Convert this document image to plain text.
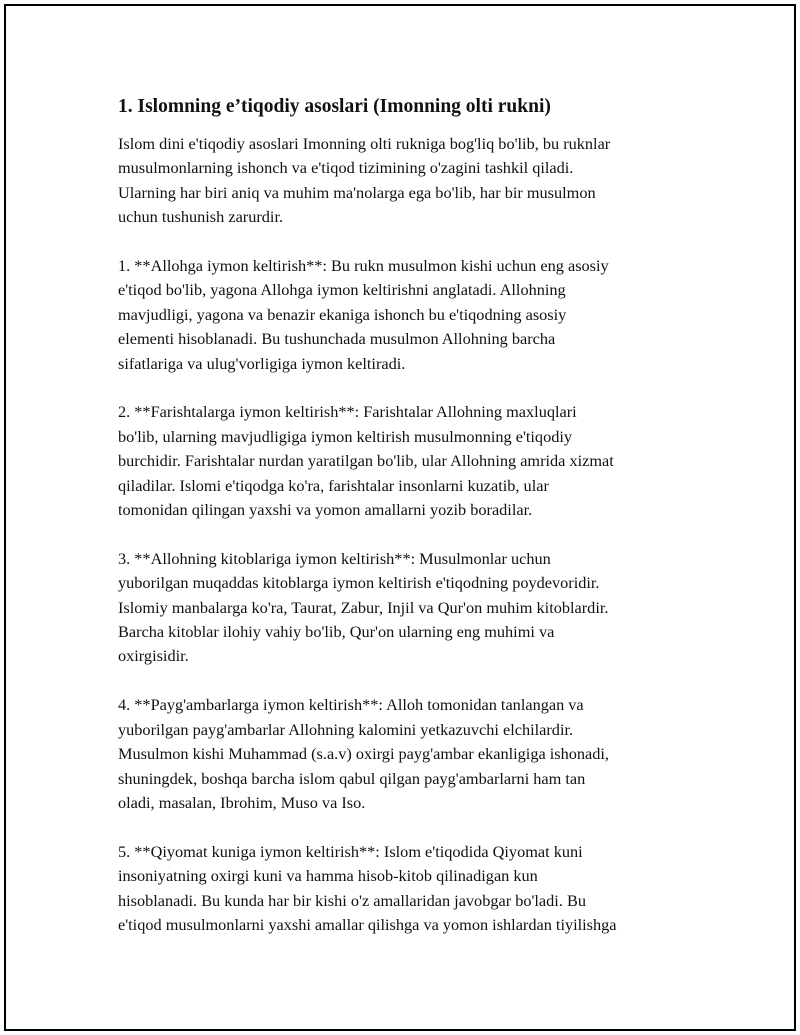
1. Islomning e’tiqodiy asoslari (Imonning olti rukni)

Islom dini e'tiqodiy asoslari Imonning olti rukniga bog'liq bo'lib, bu ruknlar
musulmonlarning ishonch va e'tiqod tizimining o'zagini tashkil qiladi.
Ularning har biri aniq va muhim ma'nolarga ega bo'lib, har bir musulmon
uchun tushunish zarurdir.

1. **Allohga iymon keltirish**: Bu rukn musulmon kishi uchun eng asosiy
e'tiqod bo'lib, yagona Allohga iymon keltirishni anglatadi. Allohning
mavjudligi, yagona va benazir ekaniga ishonch bu e'tiqodning asosiy
elementi hisoblanadi. Bu tushunchada musulmon Allohning barcha
sifatlariga va ulug'vorligiga iymon keltiradi.

2. **Farishtalarga iymon keltirish**: Farishtalar Allohning maxluqlari
bo'lib, ularning mavjudligiga iymon keltirish musulmonning e'tiqodiy
burchidir. Farishtalar nurdan yaratilgan bo'lib, ular Allohning amrida xizmat
qiladilar. Islomi e'tiqodga ko'ra, farishtalar insonlarni kuzatib, ular
tomonidan qilingan yaxshi va yomon amallarni yozib boradilar.

3. **Allohning kitoblariga iymon keltirish**: Musulmonlar uchun
yuborilgan muqaddas kitoblarga iymon keltirish e'tiqodning poydevoridir.
Islomiy manbalarga ko'ra, Taurat, Zabur, Injil va Qur'on muhim kitoblardir.
Barcha kitoblar ilohiy vahiy bo'lib, Qur'on ularning eng muhimi va
oxirgisidir.

4. **Payg'ambarlarga iymon keltirish**: Alloh tomonidan tanlangan va
yuborilgan payg'ambarlar Allohning kalomini yetkazuvchi elchilardir.
Musulmon kishi Muhammad (s.a.v) oxirgi payg'ambar ekanligiga ishonadi,
shuningdek, boshqa barcha islom qabul qilgan payg'ambarlarni ham tan
oladi, masalan, Ibrohim, Muso va Iso.

5. **Qiyomat kuniga iymon keltirish**: Islom e'tiqodida Qiyomat kuni
insoniyatning oxirgi kuni va hamma hisob-kitob qilinadigan kun
hisoblanadi. Bu kunda har bir kishi o'z amallaridan javobgar bo'ladi. Bu
e'tiqod musulmonlarni yaxshi amallar qilishga va yomon ishlardan tiyilishga
